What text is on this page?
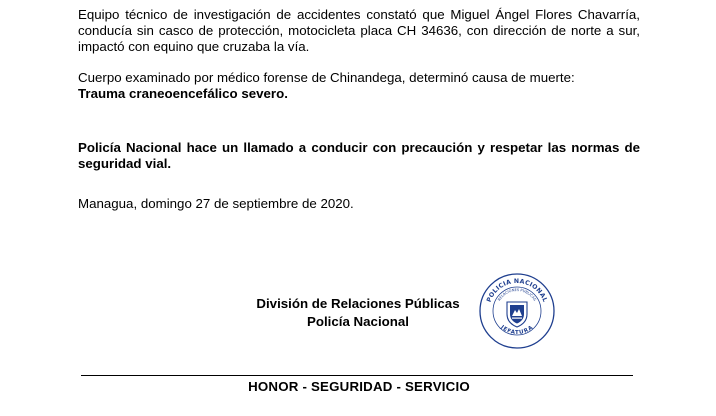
Equipo técnico de investigación de accidentes constató que Miguel Ángel Flores Chavarría, conducía sin casco de protección, motocicleta placa CH 34636, con dirección de norte a sur, impactó con equino que cruzaba la vía.

Cuerpo examinado por médico forense de Chinandega, determinó causa de muerte:
Trauma craneoencefálico severo.

Policía Nacional hace un llamado a conducir con precaución y respetar las normas de seguridad vial.

Managua, domingo 27 de septiembre de 2020.

División de Relaciones Públicas
Policía Nacional
POLICIA NACIONAL
RELACIONES PUBLICAS
JEFATURA
HONOR - SEGURIDAD - SERVICIO
